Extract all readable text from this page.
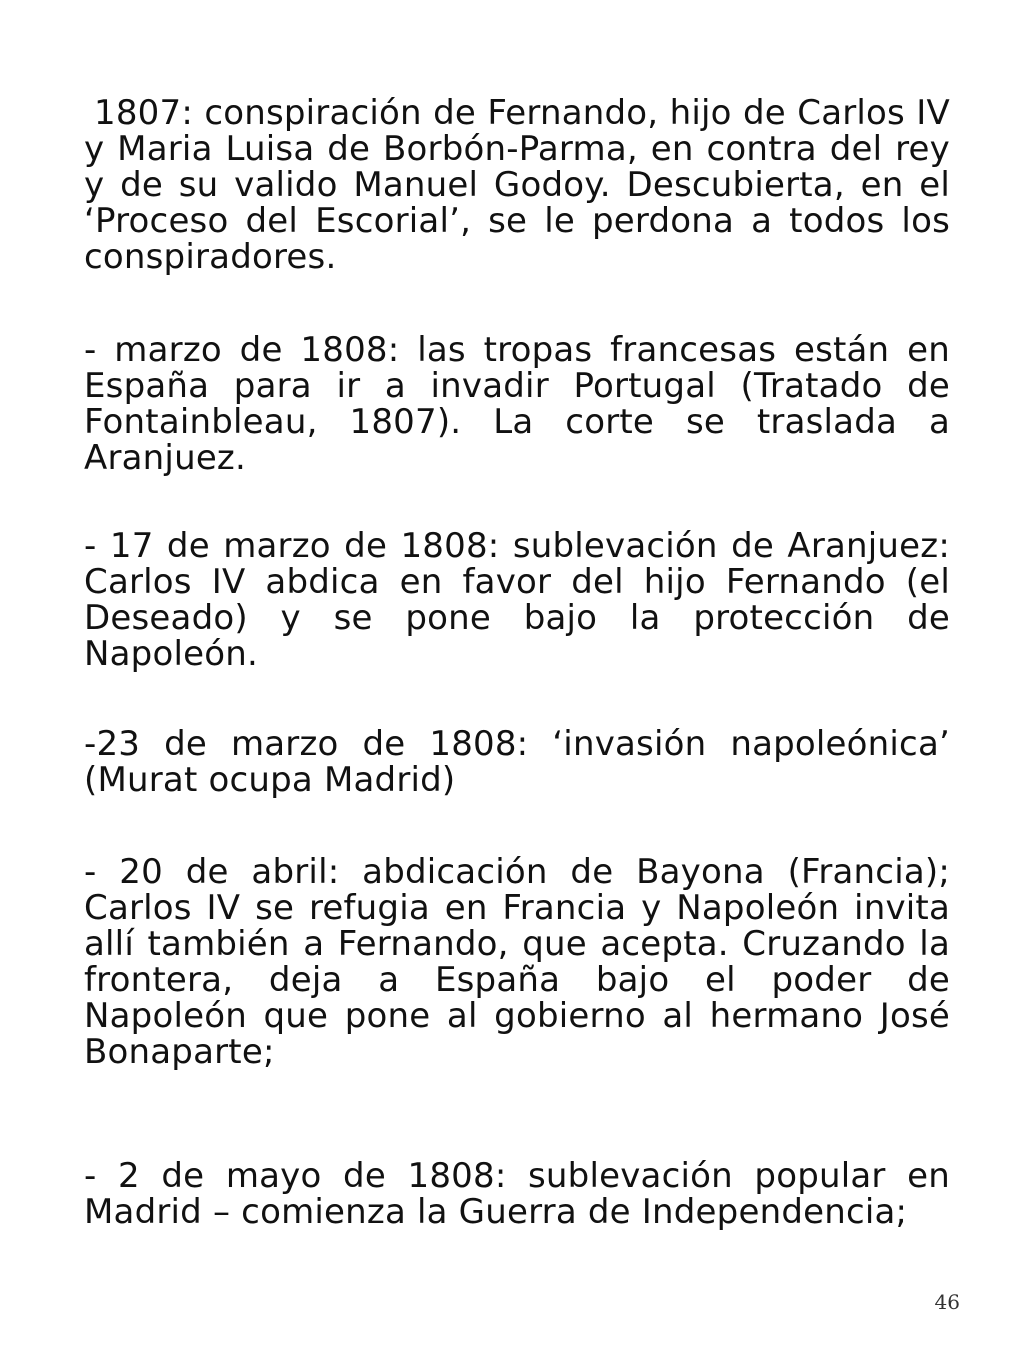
1807: conspiración de Fernando, hijo de Carlos IV y Maria Luisa de Borbón-Parma, en contra del rey y de su valido Manuel Godoy. Descubierta, en el ‘Proceso del Escorial’, se le perdona a todos los conspiradores.

- marzo de 1808: las tropas francesas están en España para ir a invadir Portugal (Tratado de Fontainbleau, 1807). La corte se traslada a Aranjuez.

- 17 de marzo de 1808: sublevación de Aranjuez: Carlos IV abdica en favor del hijo Fernando (el Deseado) y se pone bajo la protección de Napoleón.

-23 de marzo de 1808: ‘invasión napoleónica’ (Murat ocupa Madrid)

- 20 de abril: abdicación de Bayona (Francia); Carlos IV se refugia en Francia y Napoleón invita allí también a Fernando, que acepta. Cruzando la frontera, deja a España bajo el poder de Napoleón que pone al gobierno al hermano José Bonaparte;

- 2 de mayo de 1808: sublevación popular en Madrid – comienza la Guerra de Independencia;

46
